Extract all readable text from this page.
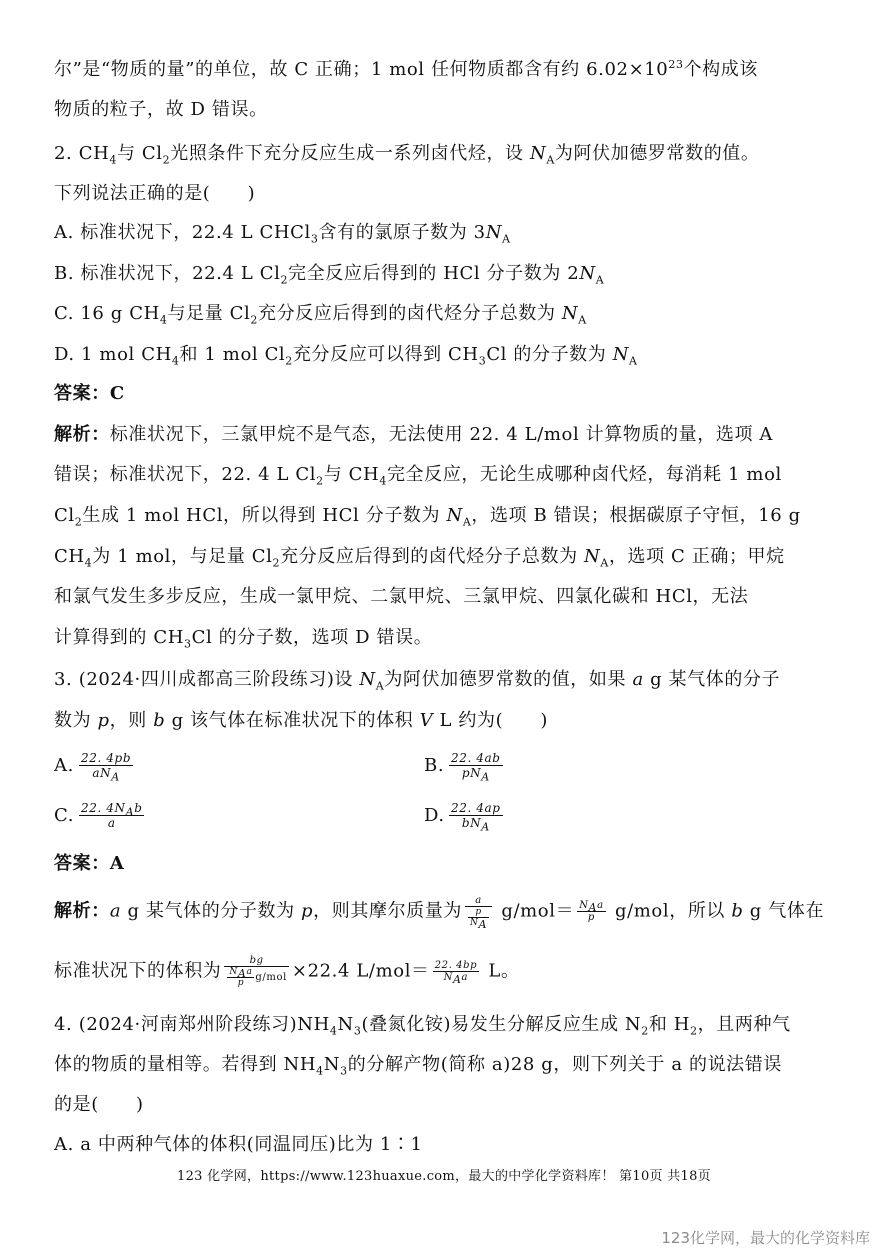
尔”是“物质的量”的单位，故 C 正确；1 mol 任何物质都含有约 $6.02\times 10^{23}$个构成该
物质的粒子，故 D 错误。
2. $CH_4$与 $Cl_2$光照条件下充分反应生成一系列卤代烃，设 $N_A$为阿伏加德罗常数的值。
下列说法正确的是(　　)
A. 标准状况下，22.4 L CHCl$_3$含有的氯原子数为 $3N_A$
B. 标准状况下，22.4 L $Cl_2$完全反应后得到的 HCl 分子数为 $2N_A$
C. 16 g $CH_4$与足量 $Cl_2$充分反应后得到的卤代烃分子总数为 $N_A$
D. 1 mol $CH_4$和 1 mol $Cl_2$充分反应可以得到 $CH_3Cl$ 的分子数为 $N_A$
答案：C
解析：标准状况下，三氯甲烷不是气态，无法使用 22. 4 L/mol 计算物质的量，选项 A
错误；标准状况下，22. 4 L $Cl_2$与 $CH_4$完全反应，无论生成哪种卤代烃，每消耗 1 mol
$Cl_2$生成 1 mol HCl，所以得到 HCl 分子数为 $N_A$，选项 B 错误；根据碳原子守恒，16 g
$CH_4$为 1 mol，与足量 $Cl_2$充分反应后得到的卤代烃分子总数为 $N_A$，选项 C 正确；甲烷
和氯气发生多步反应，生成一氯甲烷、二氯甲烷、三氯甲烷、四氯化碳和 HCl，无法
计算得到的 $CH_3Cl$ 的分子数，选项 D 错误。
3. (2024·四川成都高三阶段练习)设 $N_A$为阿伏加德罗常数的值，如果 a g 某气体的分子
数为 p，则 b g 该气体在标准状况下的体积 V L 约为(　　)
A. $\frac{22. 4pb}{aN_A}$	B. $\frac{22. 4ab}{pN_A}$
C. $\frac{22. 4N_Ab}{a}$	D. $\frac{22. 4ap}{bN_A}$
答案：A
解析：a g 某气体的分子数为 p，则其摩尔质量为 $\frac{a}{\frac{p}{N_A}} g/mol= \frac{N_Aa}{p} g/mol$，所以 b g 气体在
标准状况下的体积为 $\frac{bg}{\frac{N_Aa}{p} g/mol} \times 22.4$ $L/mol= \frac{22. 4bp}{N_Aa}$ L。
4. (2024·河南郑州阶段练习)$NH_4N_3$(叠氮化铵)易发生分解反应生成 $N_2$和 $H_2$，且两种气
体的物质的量相等。若得到 $NH_4N_3$的分解产物(简称 a)28 g，则下列关于 a 的说法错误
的是(　　)
A. a 中两种气体的体积(同温同压)比为 1∶1
123 化学网，https://www.123huaxue.com，最大的中学化学资料库！ 第10页 共18页
123化学网，最大的化学资料库
